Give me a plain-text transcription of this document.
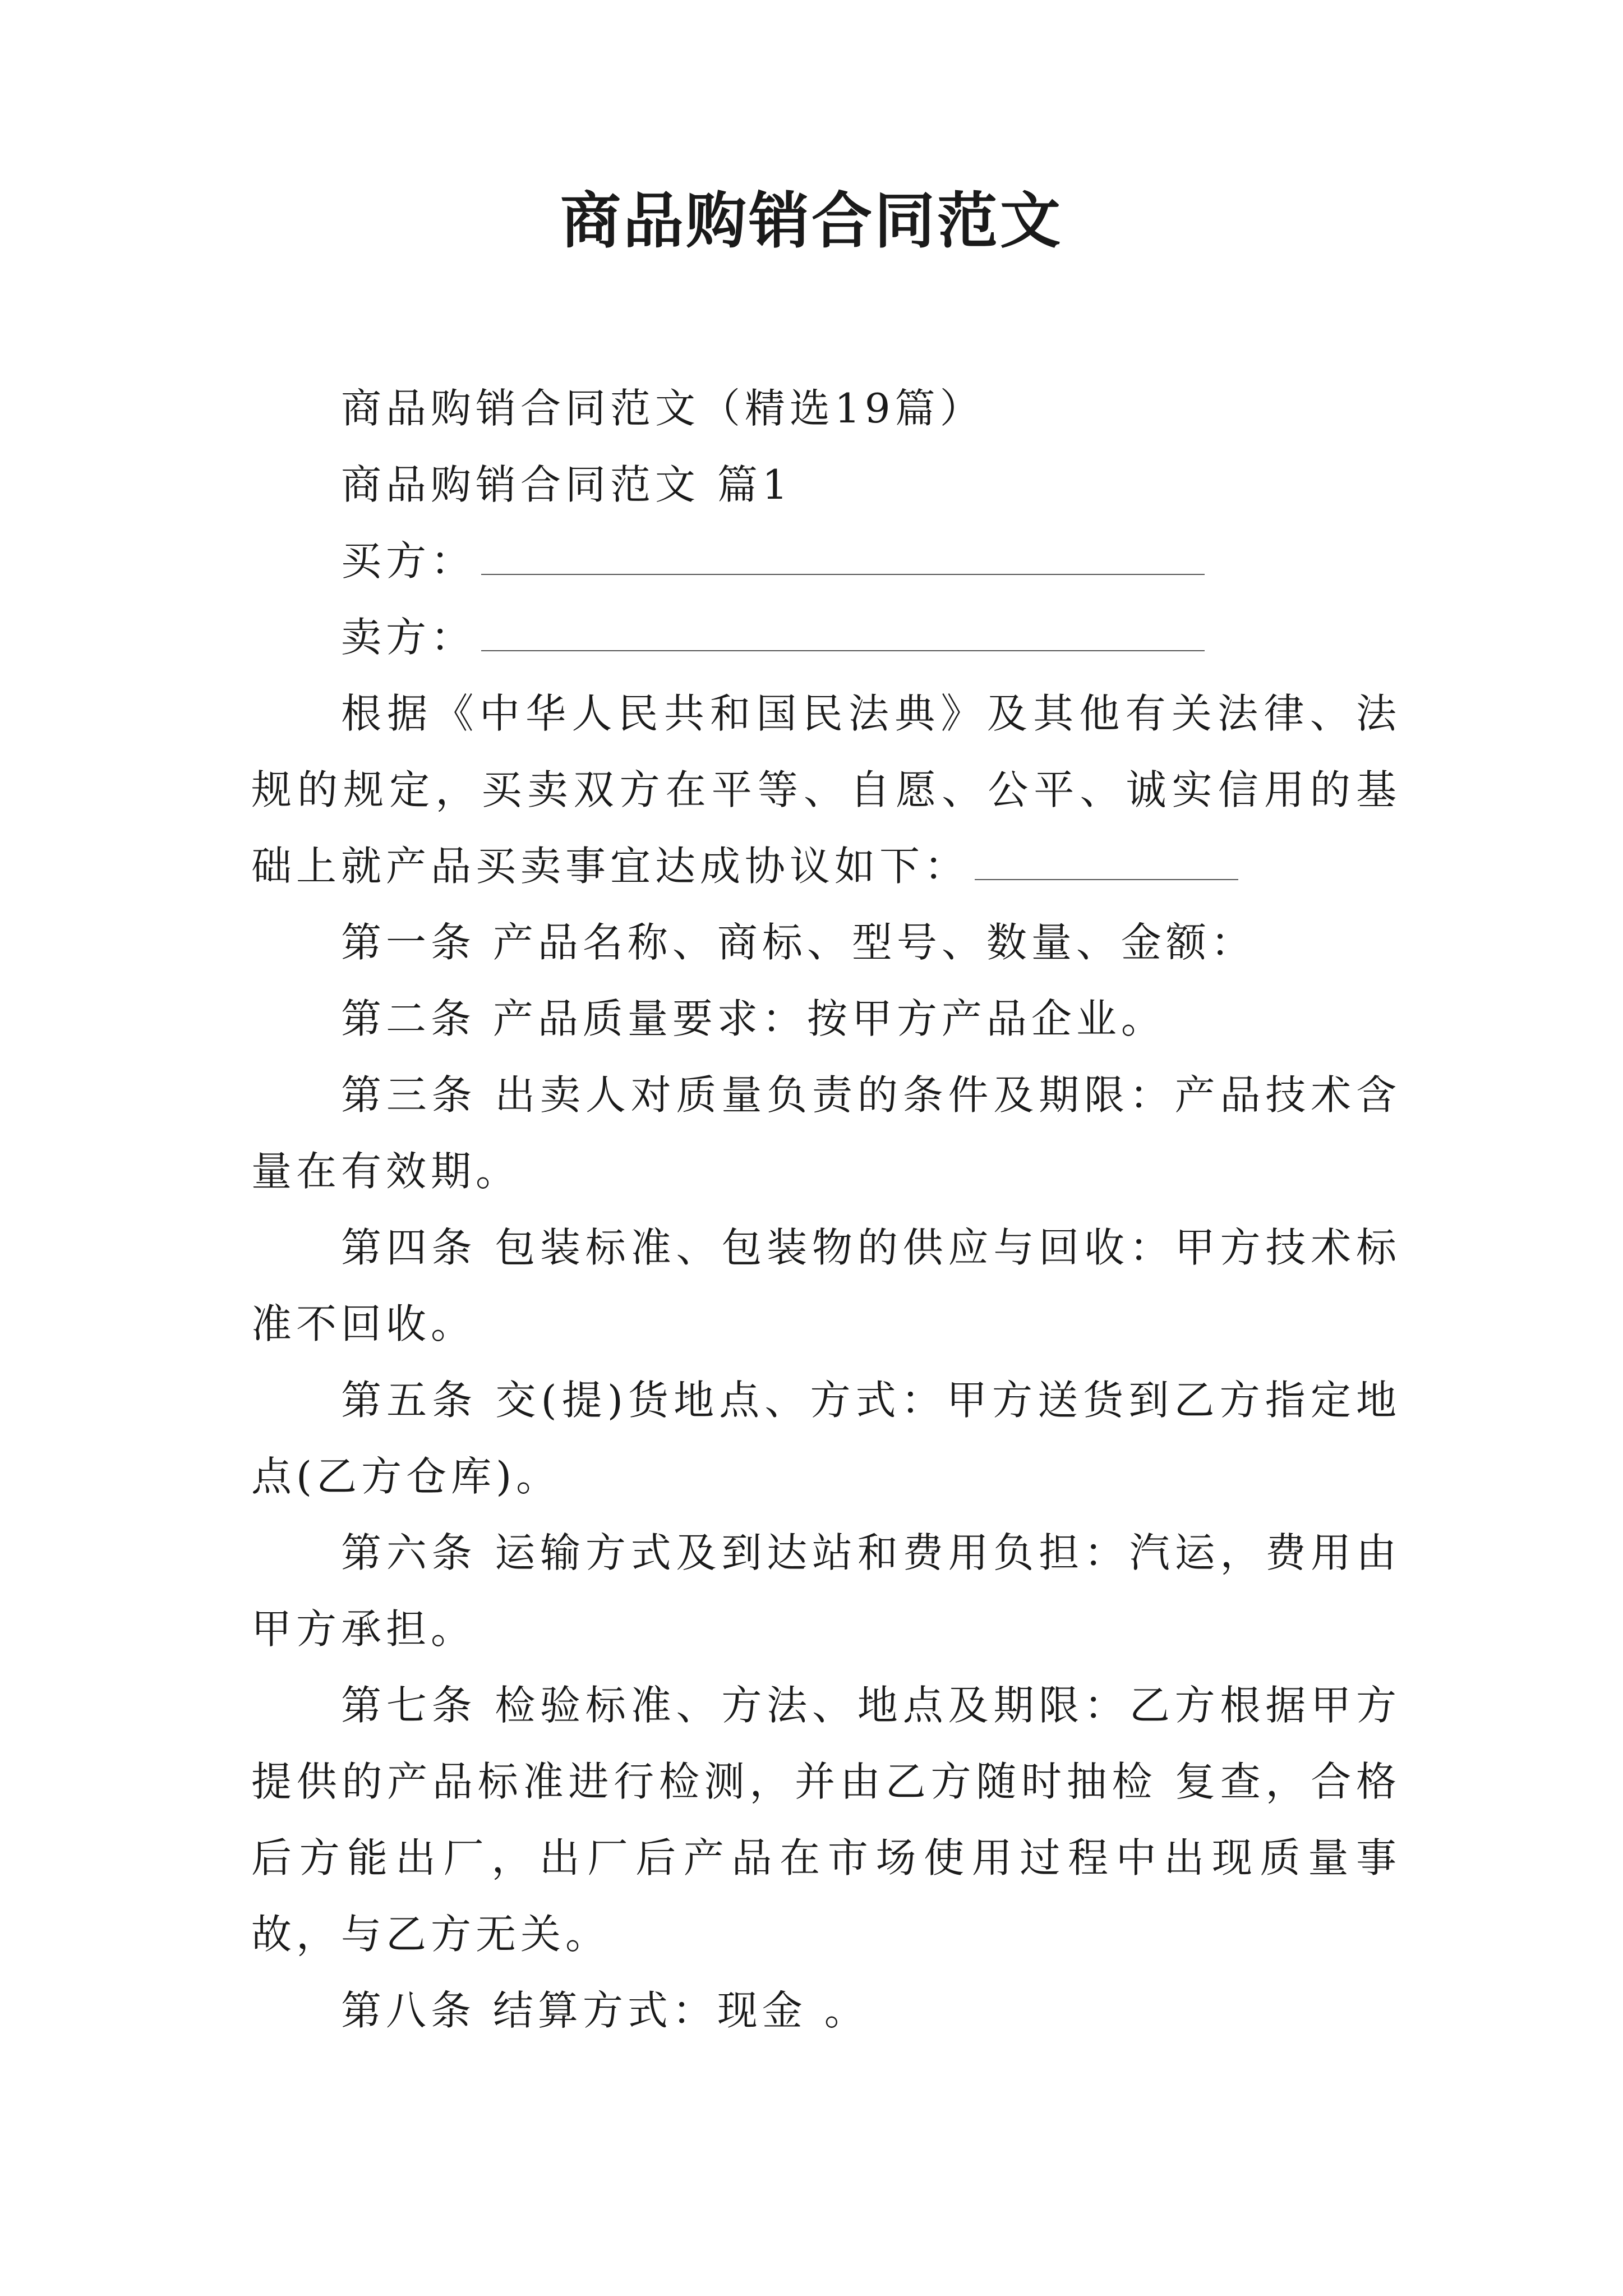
商品购销合同范文

商品购销合同范文（精选19篇）

商品购销合同范文 篇1

买方：

卖方：

根据《中华人民共和国民法典》及其他有关法律、法规的规定，买卖双方在平等、自愿、公平、诚实信用的基础上就产品买卖事宜达成协议如下：

第一条 产品名称、商标、型号、数量、金额：

第二条 产品质量要求：按甲方产品企业。

第三条 出卖人对质量负责的条件及期限：产品技术含量在有效期。

第四条 包装标准、包装物的供应与回收：甲方技术标准不回收。

第五条 交(提)货地点、方式：甲方送货到乙方指定地点(乙方仓库)。

第六条 运输方式及到达站和费用负担：汽运，费用由甲方承担。

第七条 检验标准、方法、地点及期限：乙方根据甲方提供的产品标准进行检测，并由乙方随时抽检 复查，合格后方能出厂，出厂后产品在市场使用过程中出现质量事故，与乙方无关。

第八条 结算方式：现金 。
